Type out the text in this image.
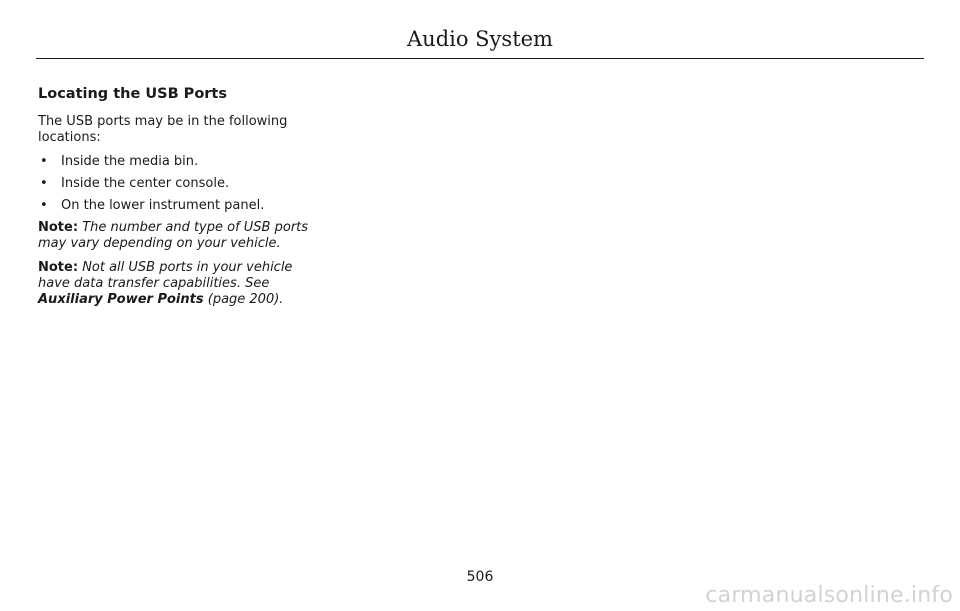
Audio System
Locating the USB Ports

The USB ports may be in the following locations:

• Inside the media bin.
• Inside the center console.
• On the lower instrument panel.

Note: The number and type of USB ports may vary depending on your vehicle.

Note: Not all USB ports in your vehicle have data transfer capabilities. See Auxiliary Power Points (page 200).

506
carmanualsonline.info
